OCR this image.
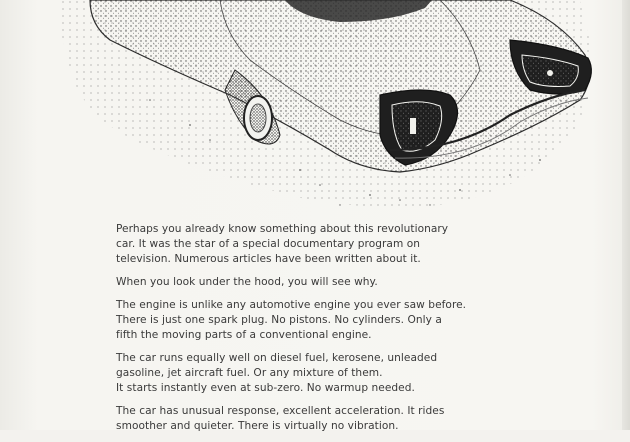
Perhaps you already know something about this revolutionary
car. It was the star of a special documentary program on
television. Numerous articles have been written about it.

When you look under the hood, you will see why.

The engine is unlike any automotive engine you ever saw before.
There is just one spark plug. No pistons. No cylinders. Only a
fifth the moving parts of a conventional engine.

The car runs equally well on diesel fuel, kerosene, unleaded
gasoline, jet aircraft fuel. Or any mixture of them.
It starts instantly even at sub-zero. No warmup needed.

The car has unusual response, excellent acceleration. It rides
smoother and quieter. There is virtually no vibration.
